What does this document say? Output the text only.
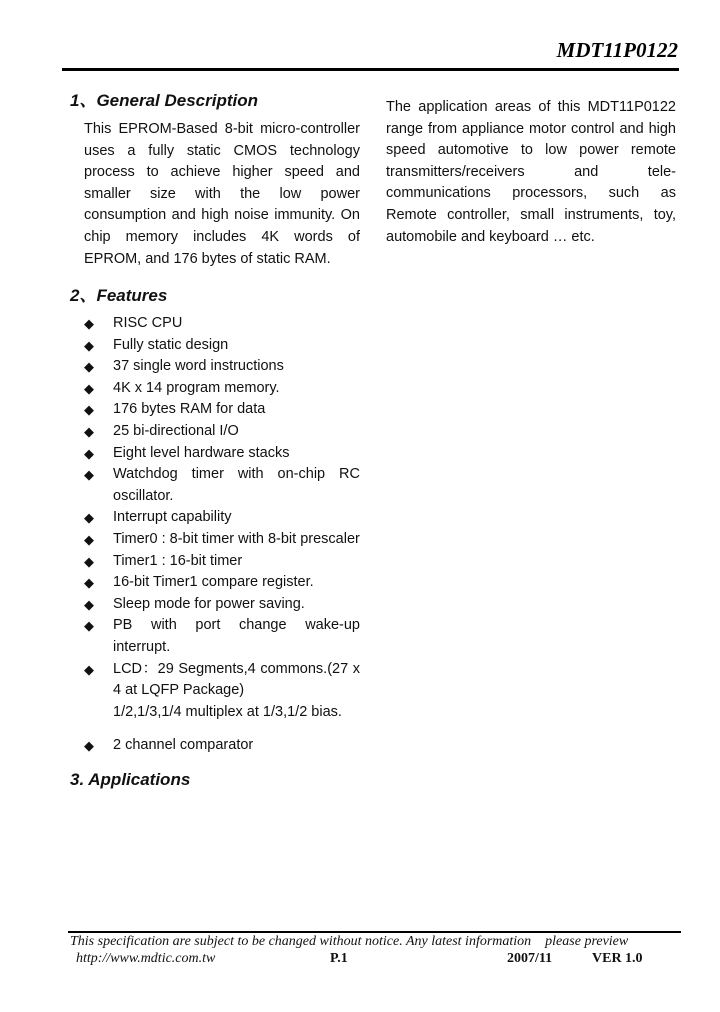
MDT11P0122
1、General Description

This EPROM-Based 8-bit micro-controller uses a fully static CMOS technology process to achieve higher speed and smaller size with the low power consumption and high noise immunity. On chip memory includes 4K words of EPROM, and 176 bytes of static RAM.

The application areas of this MDT11P0122 range from appliance motor control and high speed automotive to low power remote transmitters/receivers and tele-communications processors, such as Remote controller, small instruments, toy, automobile and keyboard … etc.

2、Features
◆ RISC CPU
◆ Fully static design
◆ 37 single word instructions
◆ 4K x 14 program memory.
◆ 176 bytes RAM for data
◆ 25 bi-directional I/O
◆ Eight level hardware stacks
◆ Watchdog timer with on-chip RC oscillator.
◆ Interrupt capability
◆ Timer0 : 8-bit timer with 8-bit prescaler
◆ Timer1 : 16-bit timer
◆ 16-bit Timer1 compare register.
◆ Sleep mode for power saving.
◆ PB with port change wake-up interrupt.
◆ LCD：29 Segments,4 commons.(27 x 4 at LQFP Package)
1/2,1/3,1/4 multiplex at 1/3,1/2 bias.
◆ 2 channel comparator
3. Applications
This specification are subject to be changed without notice. Any latest information please preview
http://www.mdtic.com.tw	P.1	2007/11	VER 1.0
